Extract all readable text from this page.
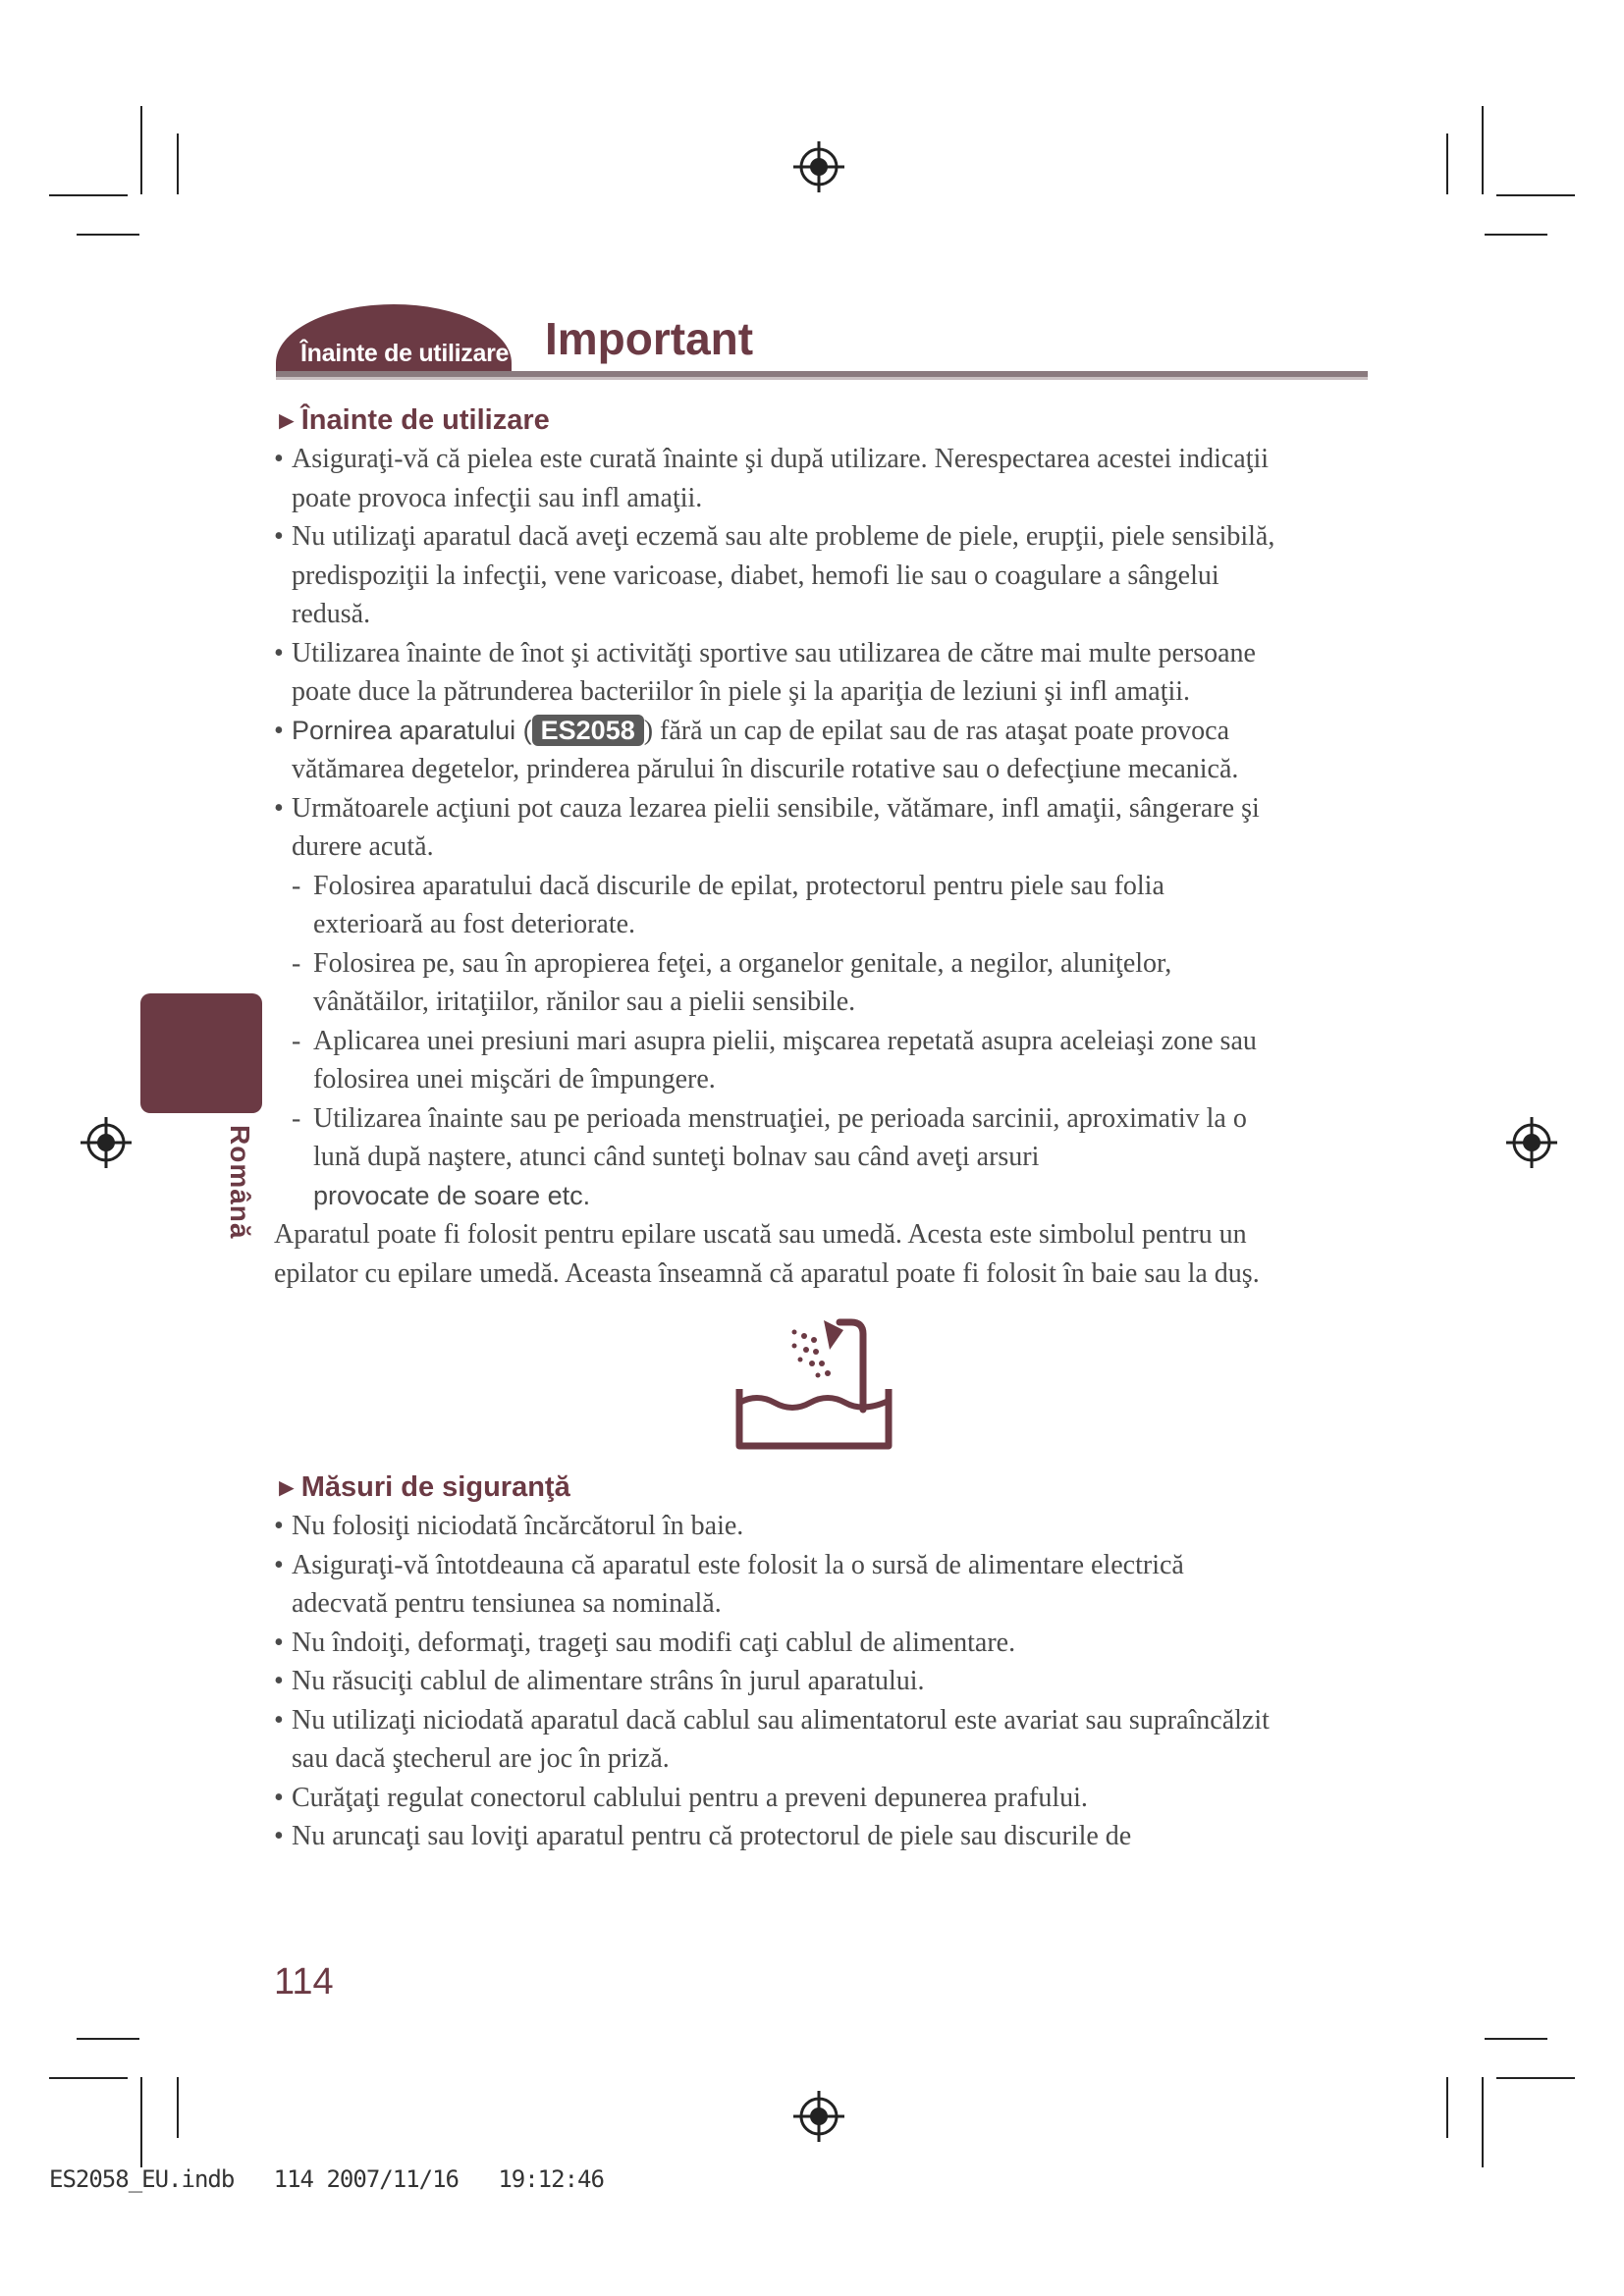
Înainte de utilizare Important
Română
►Înainte de utilizare
• Asiguraţi-vă că pielea este curată înainte şi după utilizare. Nerespectarea acestei indicaţii poate provoca infecţii sau infl amaţii.
• Nu utilizaţi aparatul dacă aveţi eczemă sau alte probleme de piele, erupţii, piele sensibilă, predispoziţii la infecţii, vene varicoase, diabet, hemofi lie sau o coagulare a sângelui redusă.
• Utilizarea înainte de înot şi activităţi sportive sau utilizarea de către mai multe persoane poate duce la pătrunderea bacteriilor în piele şi la apariţia de leziuni şi infl amaţii.
• Pornirea aparatului ( ES2058 ) fără un cap de epilat sau de ras ataşat poate provoca vătămarea degetelor, prinderea părului în discurile rotative sau o defecţiune mecanică.
• Următoarele acţiuni pot cauza lezarea pielii sensibile, vătămare, infl amaţii, sângerare şi durere acută.
- Folosirea aparatului dacă discurile de epilat, protectorul pentru piele sau folia exterioară au fost deteriorate.
- Folosirea pe, sau în apropierea feţei, a organelor genitale, a negilor, aluniţelor, vânătăilor, iritaţiilor, rănilor sau a pielii sensibile.
- Aplicarea unei presiuni mari asupra pielii, mişcarea repetată asupra aceleiaşi zone sau folosirea unei mişcări de împungere.
- Utilizarea înainte sau pe perioada menstruaţiei, pe perioada sarcinii, aproximativ la o lună după naştere, atunci când sunteţi bolnav sau când aveţi arsuri
provocate de soare etc.

Aparatul poate fi folosit pentru epilare uscată sau umedă. Acesta este simbolul pentru un epilator cu epilare umedă. Aceasta înseamnă că aparatul poate fi folosit în baie sau la duş.

►Măsuri de siguranţă
• Nu folosiţi niciodată încărcătorul în baie.
• Asiguraţi-vă întotdeauna că aparatul este folosit la o sursă de alimentare electrică adecvată pentru tensiunea sa nominală.
• Nu îndoiţi, deformaţi, trageţi sau modifi caţi cablul de alimentare.
• Nu răsuciţi cablul de alimentare strâns în jurul aparatului.
• Nu utilizaţi niciodată aparatul dacă cablul sau alimentatorul este avariat sau supraîncălzit sau dacă ştecherul are joc în priză.
• Curăţaţi regulat conectorul cablului pentru a preveni depunerea prafului.
• Nu aruncaţi sau loviţi aparatul pentru că protectorul de piele sau discurile de
114
ES2058_EU.indb 114 2007/11/16 19:12:46
